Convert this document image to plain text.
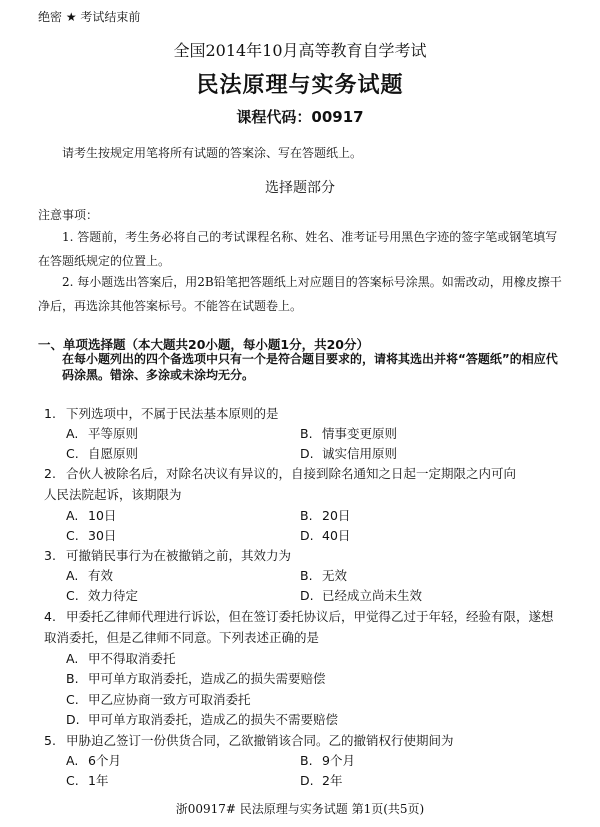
绝密 ★ 考试结束前
全国2014年10月高等教育自学考试
民法原理与实务试题
课程代码：00917
请考生按规定用笔将所有试题的答案涂、写在答题纸上。
选择题部分
注意事项：
1. 答题前，考生务必将自己的考试课程名称、姓名、准考证号用黑色字迹的签字笔或钢笔填写在答题纸规定的位置上。
2. 每小题选出答案后，用2B铅笔把答题纸上对应题目的答案标号涂黑。如需改动，用橡皮擦干净后，再选涂其他答案标号。不能答在试题卷上。
一、单项选择题（本大题共20小题，每小题1分，共20分）
在每小题列出的四个备选项中只有一个是符合题目要求的，请将其选出并将“答题纸”的相应代码涂黑。错涂、多涂或未涂均无分。
1. 下列选项中，不属于民法基本原则的是
A. 平等原则	B. 情事变更原则
C. 自愿原则	D. 诚实信用原则
2. 合伙人被除名后，对除名决议有异议的，自接到除名通知之日起一定期限之内可向人民法院起诉，该期限为
A. 10日	B. 20日
C. 30日	D. 40日
3. 可撤销民事行为在被撤销之前，其效力为
A. 有效	B. 无效
C. 效力待定	D. 已经成立尚未生效
4. 甲委托乙律师代理进行诉讼，但在签订委托协议后，甲觉得乙过于年轻，经验有限，遂想取消委托，但是乙律师不同意。下列表述正确的是
A. 甲不得取消委托
B. 甲可单方取消委托，造成乙的损失需要赔偿
C. 甲乙应协商一致方可取消委托
D. 甲可单方取消委托，造成乙的损失不需要赔偿
5. 甲胁迫乙签订一份供货合同，乙欲撤销该合同。乙的撤销权行使期间为
A. 6个月	B. 9个月
C. 1年	D. 2年
浙00917# 民法原理与实务试题 第1页(共5页)
